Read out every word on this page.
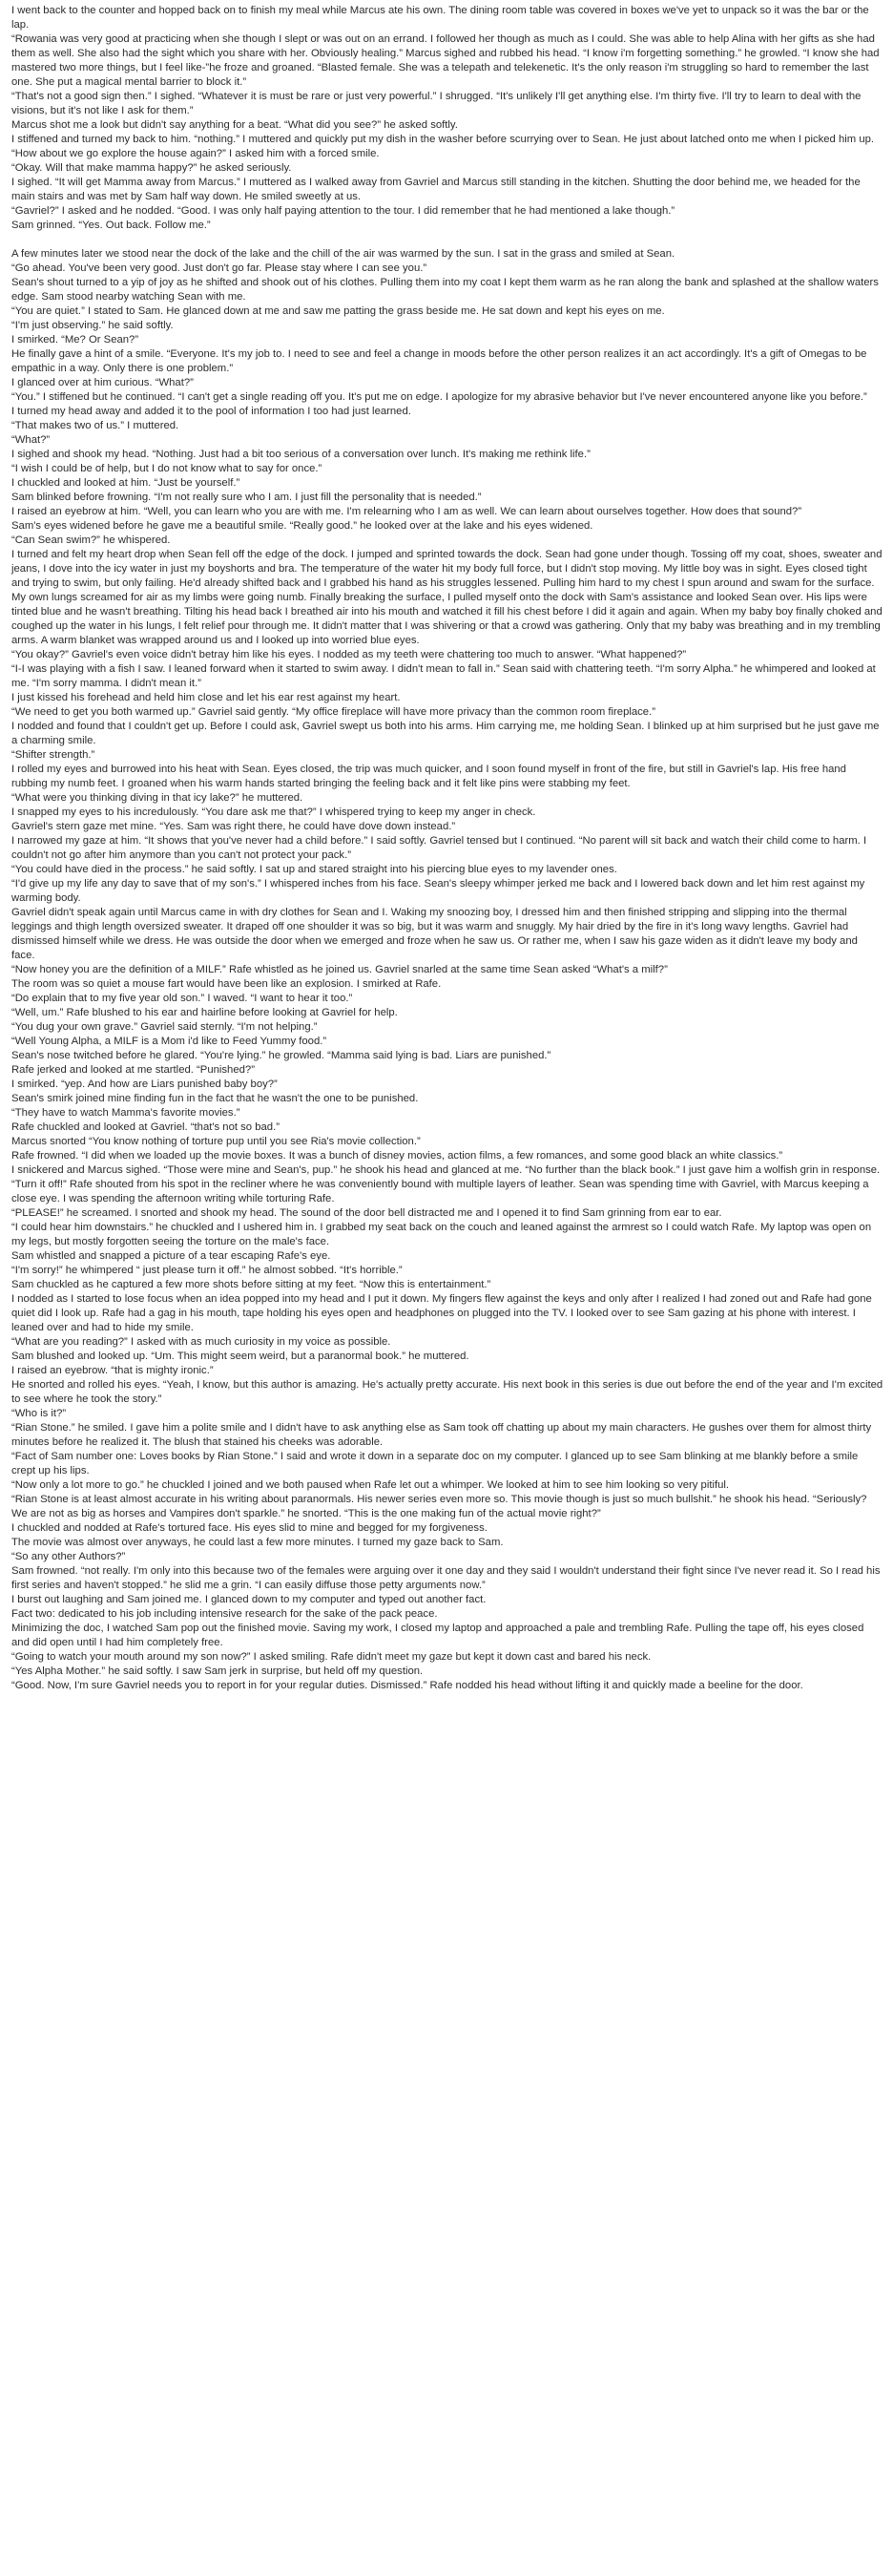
I went back to the counter and hopped back on to finish my meal while Marcus ate his own. The dining room table was covered in boxes we've yet to unpack so it was the bar or the lap.

“Rowania was very good at practicing when she though I slept or was out on an errand. I followed her though as much as I could. She was able to help Alina with her gifts as she had them as well. She also had the sight which you share with her. Obviously healing.” Marcus sighed and rubbed his head. “I know i'm forgetting something.” he growled. “I know she had mastered two more things, but I feel like-”he froze and groaned. “Blasted female. She was a telepath and telekenetic. It's the only reason i'm struggling so hard to remember the last one. She put a magical mental barrier to block it.”

“That's not a good sign then.” I sighed. “Whatever it is must be rare or just very powerful.” I shrugged. “It's unlikely I'll get anything else. I'm thirty five. I'll try to learn to deal with the visions, but it's not like I ask for them.”

Marcus shot me a look but didn't say anything for a beat. “What did you see?” he asked softly.

I stiffened and turned my back to him. “nothing.” I muttered and quickly put my dish in the washer before scurrying over to Sean. He just about latched onto me when I picked him up.

“How about we go explore the house again?” I asked him with a forced smile.

“Okay. Will that make mamma happy?” he asked seriously.

I sighed. “It will get Mamma away from Marcus.” I muttered as I walked away from Gavriel and Marcus still standing in the kitchen. Shutting the door behind me, we headed for the main stairs and was met by Sam half way down. He smiled sweetly at us.

“Gavriel?” I asked and he nodded. “Good. I was only half paying attention to the tour. I did remember that he had mentioned a lake though.”

Sam grinned. “Yes. Out back. Follow me.”

A few minutes later we stood near the dock of the lake and the chill of the air was warmed by the sun. I sat in the grass and smiled at Sean.

“Go ahead. You've been very good. Just don't go far. Please stay where I can see you.”

Sean's shout turned to a yip of joy as he shifted and shook out of his clothes. Pulling them into my coat I kept them warm as he ran along the bank and splashed at the shallow waters edge. Sam stood nearby watching Sean with me.

“You are quiet.” I stated to Sam. He glanced down at me and saw me patting the grass beside me. He sat down and kept his eyes on me.

“I'm just observing.” he said softly.

I smirked. “Me? Or Sean?”

He finally gave a hint of a smile. “Everyone. It's my job to. I need to see and feel a change in moods before the other person realizes it an act accordingly. It's a gift of Omegas to be empathic in a way. Only there is one problem.”

I glanced over at him curious. “What?”

“You.” I stiffened but he continued. “I can't get a single reading off you. It's put me on edge. I apologize for my abrasive behavior but I've never encountered anyone like you before.”

I turned my head away and added it to the pool of information I too had just learned.

“That makes two of us.” I muttered.

“What?”

I sighed and shook my head. “Nothing. Just had a bit too serious of a conversation over lunch. It's making me rethink life.”

“I wish I could be of help, but I do not know what to say for once.”

I chuckled and looked at him. “Just be yourself.”

Sam blinked before frowning. “I'm not really sure who I am. I just fill the personality that is needed.”

I raised an eyebrow at him. “Well, you can learn who you are with me. I'm relearning who I am as well. We can learn about ourselves together. How does that sound?”

Sam's eyes widened before he gave me a beautiful smile. “Really good.” he looked over at the lake and his eyes widened.

“Can Sean swim?” he whispered.

I turned and felt my heart drop when Sean fell off the edge of the dock. I jumped and sprinted towards the dock. Sean had gone under though. Tossing off my coat, shoes, sweater and jeans, I dove into the icy water in just my boyshorts and bra. The temperature of the water hit my body full force, but I didn't stop moving. My little boy was in sight. Eyes closed tight and trying to swim, but only failing. He'd already shifted back and I grabbed his hand as his struggles lessened. Pulling him hard to my chest I spun around and swam for the surface. My own lungs screamed for air as my limbs were going numb. Finally breaking the surface, I pulled myself onto the dock with Sam's assistance and looked Sean over. His lips were tinted blue and he wasn't breathing. Tilting his head back I breathed air into his mouth and watched it fill his chest before I did it again and again. When my baby boy finally choked and coughed up the water in his lungs, I felt relief pour through me. It didn't matter that I was shivering or that a crowd was gathering. Only that my baby was breathing and in my trembling arms. A warm blanket was wrapped around us and I looked up into worried blue eyes.

“You okay?” Gavriel's even voice didn't betray him like his eyes. I nodded as my teeth were chattering too much to answer. “What happened?”

“I-I was playing with a fish I saw. I leaned forward when it started to swim away. I didn't mean to fall in.” Sean said with chattering teeth. “I'm sorry Alpha.” he whimpered and looked at me. “I'm sorry mamma. I didn't mean it.”

I just kissed his forehead and held him close and let his ear rest against my heart.

“We need to get you both warmed up.” Gavriel said gently. “My office fireplace will have more privacy than the common room fireplace.”

I nodded and found that I couldn't get up. Before I could ask, Gavriel swept us both into his arms. Him carrying me, me holding Sean. I blinked up at him surprised but he just gave me a charming smile.

“Shifter strength.”

I rolled my eyes and burrowed into his heat with Sean. Eyes closed, the trip was much quicker, and I soon found myself in front of the fire, but still in Gavriel's lap. His free hand rubbing my numb feet. I groaned when his warm hands started bringing the feeling back and it felt like pins were stabbing my feet.

“What were you thinking diving in that icy lake?” he muttered.

I snapped my eyes to his incredulously. “You dare ask me that?” I whispered trying to keep my anger in check.

Gavriel's stern gaze met mine. “Yes. Sam was right there, he could have dove down instead.”

I narrowed my gaze at him. “It shows that you've never had a child before.” I said softly. Gavriel tensed but I continued. “No parent will sit back and watch their child come to harm. I couldn't not go after him anymore than you can't not protect your pack.”

“You could have died in the process.” he said softly. I sat up and stared straight into his piercing blue eyes to my lavender ones.

“I'd give up my life any day to save that of my son's.” I whispered inches from his face. Sean's sleepy whimper jerked me back and I lowered back down and let him rest against my warming body.

Gavriel didn't speak again until Marcus came in with dry clothes for Sean and I. Waking my snoozing boy, I dressed him and then finished stripping and slipping into the thermal leggings and thigh length oversized sweater. It draped off one shoulder it was so big, but it was warm and snuggly. My hair dried by the fire in it's long wavy lengths. Gavriel had dismissed himself while we dress. He was outside the door when we emerged and froze when he saw us. Or rather me, when I saw his gaze widen as it didn't leave my body and face.

“Now honey you are the definition of a MILF.” Rafe whistled as he joined us. Gavriel snarled at the same time Sean asked “What's a milf?”

The room was so quiet a mouse fart would have been like an explosion. I smirked at Rafe.

“Do explain that to my five year old son.” I waved. “I want to hear it too.”

“Well, um.” Rafe blushed to his ear and hairline before looking at Gavriel for help.

“You dug your own grave.” Gavriel said sternly. “I'm not helping.”

“Well Young Alpha, a MILF is a Mom i'd like to Feed Yummy food.”

Sean's nose twitched before he glared. “You're lying.” he growled. “Mamma said lying is bad. Liars are punished.”

Rafe jerked and looked at me startled. “Punished?”

I smirked. “yep. And how are Liars punished baby boy?”

Sean's smirk joined mine finding fun in the fact that he wasn't the one to be punished.

“They have to watch Mamma's favorite movies.”

Rafe chuckled and looked at Gavriel. “that's not so bad.”

Marcus snorted “You know nothing of torture pup until you see Ria's movie collection.”

Rafe frowned. “I did when we loaded up the movie boxes. It was a bunch of disney movies, action films, a few romances, and some good black an white classics.”

I snickered and Marcus sighed. “Those were mine and Sean's, pup.” he shook his head and glanced at me. “No further than the black book.” I just gave him a wolfish grin in response.

“Turn it off!” Rafe shouted from his spot in the recliner where he was conveniently bound with multiple layers of leather. Sean was spending time with Gavriel, with Marcus keeping a close eye. I was spending the afternoon writing while torturing Rafe.

“PLEASE!” he screamed. I snorted and shook my head. The sound of the door bell distracted me and I opened it to find Sam grinning from ear to ear.

“I could hear him downstairs.” he chuckled and I ushered him in. I grabbed my seat back on the couch and leaned against the armrest so I could watch Rafe. My laptop was open on my legs, but mostly forgotten seeing the torture on the male's face.

Sam whistled and snapped a picture of a tear escaping Rafe's eye.

“I'm sorry!” he whimpered “ just please turn it off.” he almost sobbed. “It's horrible.”

Sam chuckled as he captured a few more shots before sitting at my feet. “Now this is entertainment.”

I nodded as I started to lose focus when an idea popped into my head and I put it down. My fingers flew against the keys and only after I realized I had zoned out and Rafe had gone quiet did I look up. Rafe had a gag in his mouth, tape holding his eyes open and headphones on plugged into the TV. I looked over to see Sam gazing at his phone with interest. I leaned over and had to hide my smile.

“What are you reading?” I asked with as much curiosity in my voice as possible.

Sam blushed and looked up. “Um. This might seem weird, but a paranormal book.” he muttered.

I raised an eyebrow. “that is mighty ironic.”

He snorted and rolled his eyes. “Yeah, I know, but this author is amazing. He's actually pretty accurate. His next book in this series is due out before the end of the year and I'm excited to see where he took the story.”

“Who is it?”

“Rian Stone.” he smiled. I gave him a polite smile and I didn't have to ask anything else as Sam took off chatting up about my main characters. He gushes over them for almost thirty minutes before he realized it. The blush that stained his cheeks was adorable.

“Fact of Sam number one: Loves books by Rian Stone.” I said and wrote it down in a separate doc on my computer. I glanced up to see Sam blinking at me blankly before a smile crept up his lips.

“Now only a lot more to go.” he chuckled I joined and we both paused when Rafe let out a whimper. We looked at him to see him looking so very pitiful.

“Rian Stone is at least almost accurate in his writing about paranormals. His newer series even more so. This movie though is just so much bullshit.” he shook his head. “Seriously? We are not as big as horses and Vampires don't sparkle.” he snorted. “This is the one making fun of the actual movie right?”

I chuckled and nodded at Rafe's tortured face. His eyes slid to mine and begged for my forgiveness.

The movie was almost over anyways, he could last a few more minutes. I turned my gaze back to Sam.

“So any other Authors?”

Sam frowned. “not really. I'm only into this because two of the females were arguing over it one day and they said I wouldn't understand their fight since I've never read it. So I read his first series and haven't stopped.” he slid me a grin. “I can easily diffuse those petty arguments now.”

I burst out laughing and Sam joined me. I glanced down to my computer and typed out another fact.

Fact two: dedicated to his job including intensive research for the sake of the pack peace.

Minimizing the doc, I watched Sam pop out the finished movie. Saving my work, I closed my laptop and approached a pale and trembling Rafe. Pulling the tape off, his eyes closed and did open until I had him completely free.

“Going to watch your mouth around my son now?” I asked smiling. Rafe didn't meet my gaze but kept it down cast and bared his neck.

“Yes Alpha Mother.” he said softly. I saw Sam jerk in surprise, but held off my question.

“Good. Now, I'm sure Gavriel needs you to report in for your regular duties. Dismissed.” Rafe nodded his head without lifting it and quickly made a beeline for the door.
